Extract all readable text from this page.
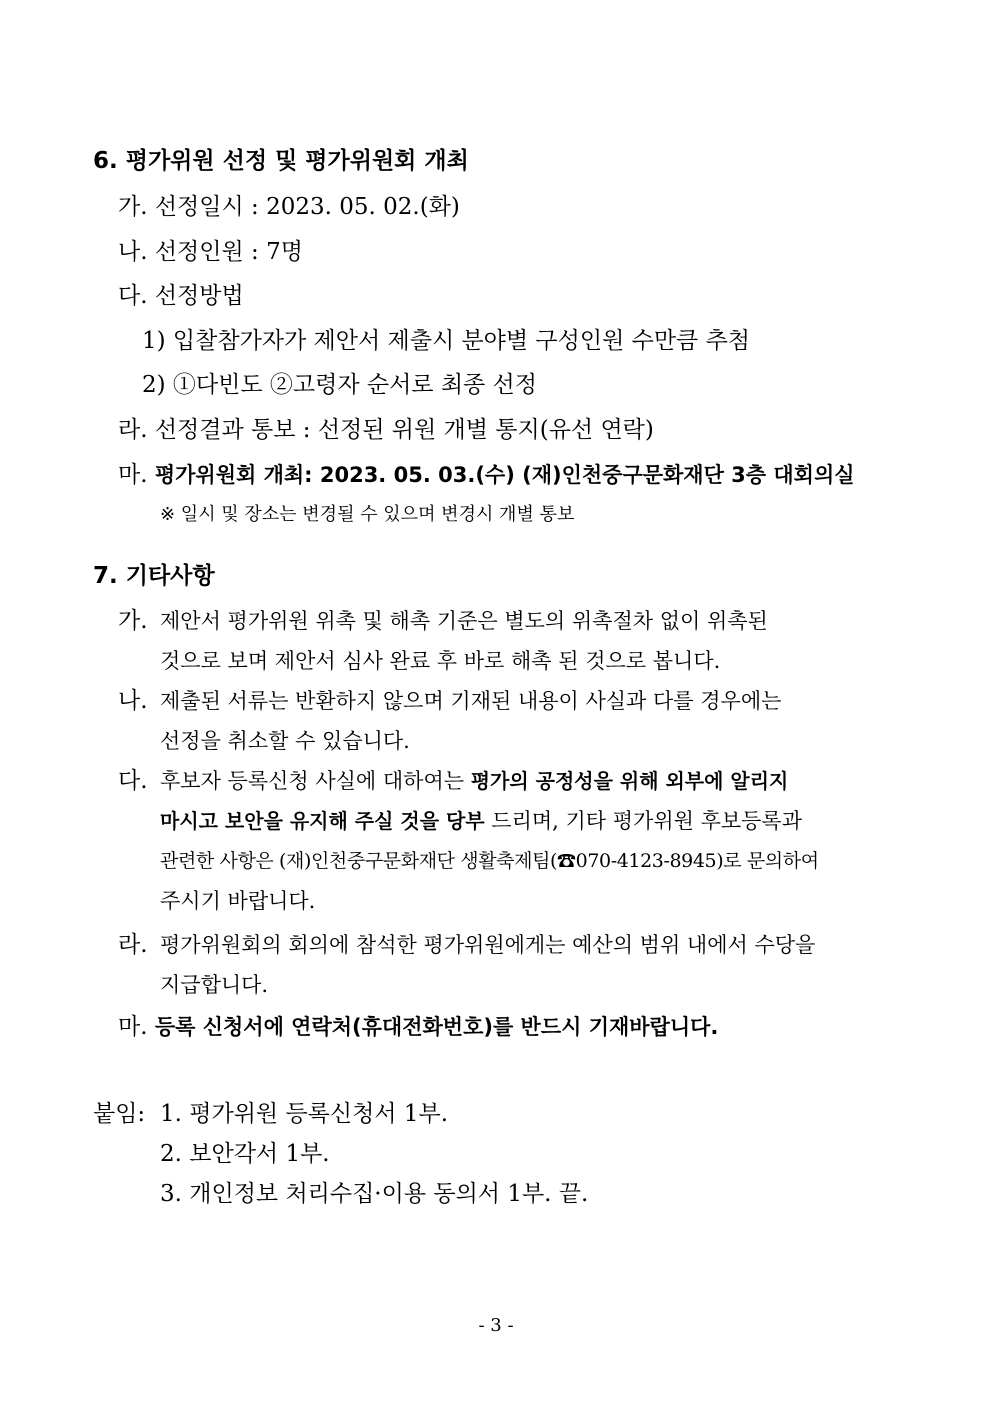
6. 평가위원 선정 및 평가위원회 개최
가. 선정일시 : 2023. 05. 02.(화)
나. 선정인원 : 7명
다. 선정방법
1) 입찰참가자가 제안서 제출시 분야별 구성인원 수만큼 추첨
2) ①다빈도 ②고령자 순서로 최종 선정
라. 선정결과 통보 : 선정된 위원 개별 통지(유선 연락)
마. 평가위원회 개최: 2023. 05. 03.(수) (재)인천중구문화재단 3층 대회의실
※ 일시 및 장소는 변경될 수 있으며 변경시 개별 통보
7. 기타사항
가. 제안서 평가위원 위촉 및 해촉 기준은 별도의 위촉절차 없이 위촉된
것으로 보며 제안서 심사 완료 후 바로 해촉 된 것으로 봅니다.
나. 제출된 서류는 반환하지 않으며 기재된 내용이 사실과 다를 경우에는
선정을 취소할 수 있습니다.
다. 후보자 등록신청 사실에 대하여는 평가의 공정성을 위해 외부에 알리지
마시고 보안을 유지해 주실 것을 당부 드리며, 기타 평가위원 후보등록과
관련한 사항은 (재)인천중구문화재단 생활축제팀(☎070-4123-8945)로 문의하여
주시기 바랍니다.
라. 평가위원회의 회의에 참석한 평가위원에게는 예산의 범위 내에서 수당을
지급합니다.
마. 등록 신청서에 연락처(휴대전화번호)를 반드시 기재바랍니다.
붙임: 1. 평가위원 등록신청서 1부.
2. 보안각서 1부.
3. 개인정보 처리수집·이용 동의서 1부. 끝.
- 3 -
